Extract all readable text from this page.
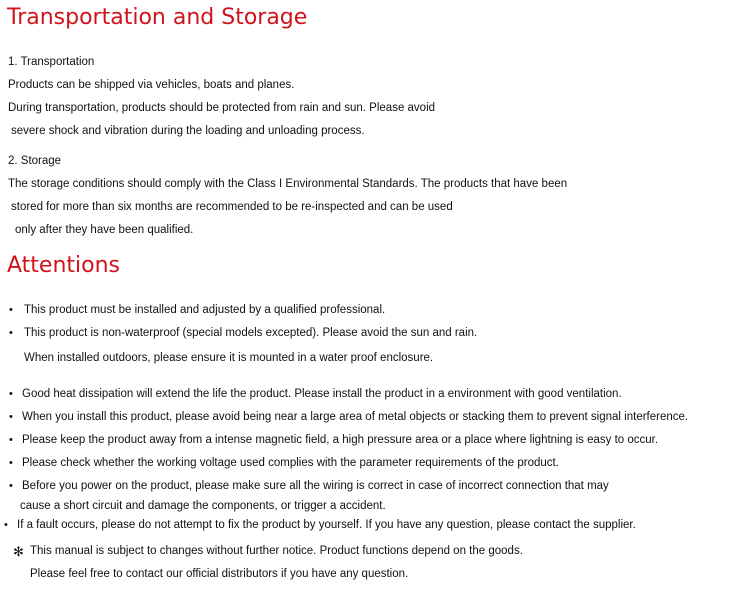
Transportation and Storage
1. Transportation
Products can be shipped via vehicles, boats and planes.
During transportation, products should be protected from rain and sun. Please avoid
severe shock and vibration during the loading and unloading process.
2. Storage
The storage conditions should comply with the Class I Environmental Standards. The products that have been
stored for more than six months are recommended to be re-inspected and can be used
only after they have been qualified.
Attentions
• This product must be installed and adjusted by a qualified professional.
• This product is non-waterproof (special models excepted). Please avoid the sun and rain.
When installed outdoors, please ensure it is mounted in a water proof enclosure.
• Good heat dissipation will extend the life the product. Please install the product in a environment with good ventilation.
• When you install this product, please avoid being near a large area of metal objects or stacking them to prevent signal interference.
• Please keep the product away from a intense magnetic field, a high pressure area or a place where lightning is easy to occur.
• Please check whether the working voltage used complies with the parameter requirements of the product.
• Before you power on the product, please make sure all the wiring is correct in case of incorrect connection that may
cause a short circuit and damage the components, or trigger a accident.
• If a fault occurs, please do not attempt to fix the product by yourself. If you have any question, please contact the supplier.
✻ This manual is subject to changes without further notice. Product functions depend on the goods.
Please feel free to contact our official distributors if you have any question.
